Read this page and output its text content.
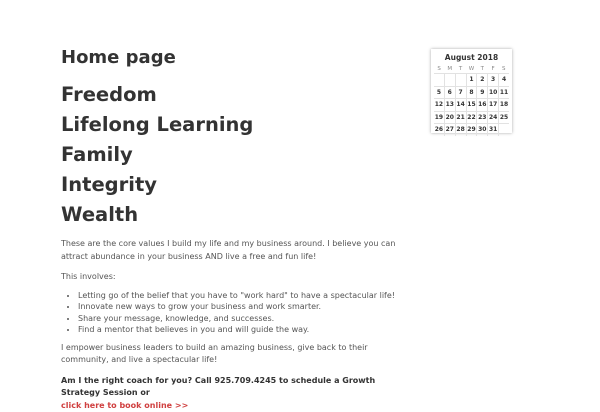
Home page
Freedom
Lifelong Learning
Family
Integrity
Wealth

These are the core values I build my life and my business around. I believe you can attract abundance in your business AND live a free and fun life!

This involves:

• Letting go of the belief that you have to "work hard" to have a spectacular life!
• Innovate new ways to grow your business and work smarter.
• Share your message, knowledge, and successes.
• Find a mentor that believes in you and will guide the way.

I empower business leaders to build an amazing business, give back to their community, and live a spectacular life!

Am I the right coach for you? Call 925.709.4245 to schedule a Growth Strategy Session or
click here to book online >>
August 2018
S	M	T	W	T	F	S
			1	2	3	4
5	6	7	8	9	10	11
12	13	14	15	16	17	18
19	20	21	22	23	24	25
26	27	28	29	30	31	
